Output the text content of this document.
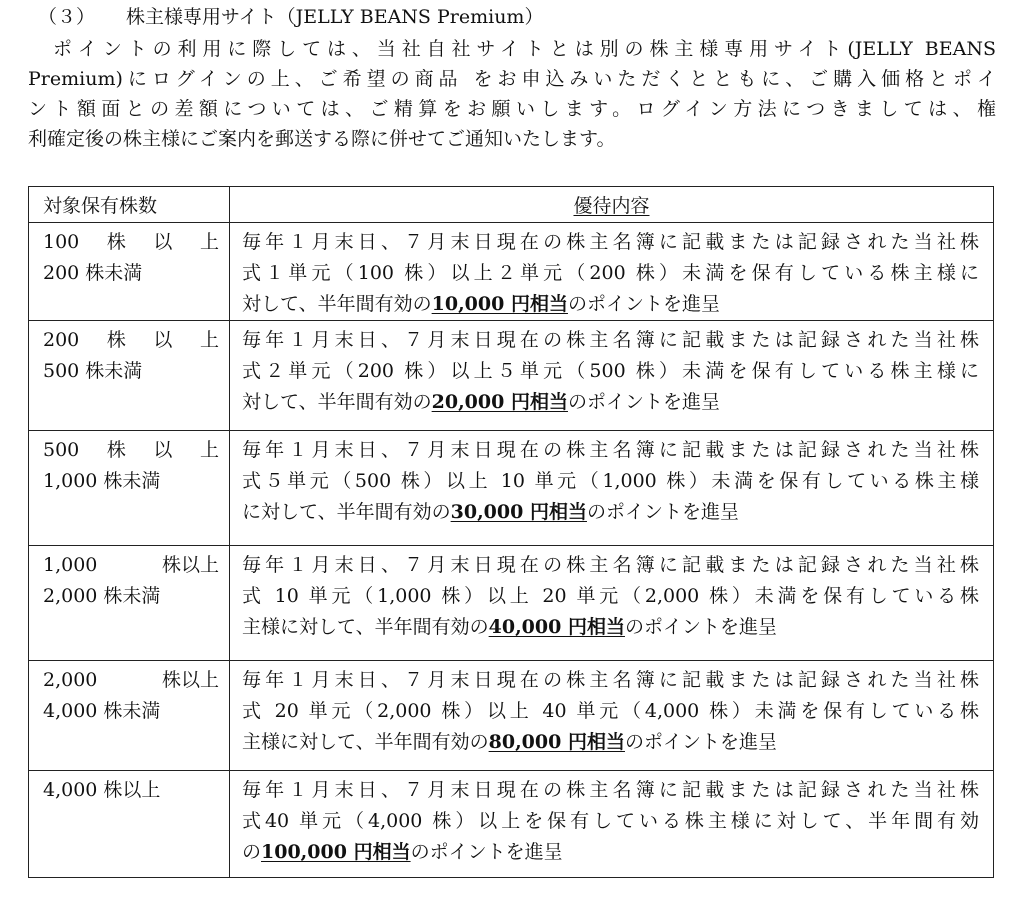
（３） 株主様専用サイト（JELLY BEANS Premium）
ポイントの利用に際しては、当社自社サイトとは別の株主様専用サイト(JELLY BEANS
Premium)にログインの上、ご希望の商品 をお申込みいただくとともに、ご購入価格とポイ
ント額面との差額については、ご精算をお願いします。ログイン方法につきましては、権
利確定後の株主様にご案内を郵送する際に併せてご通知いたします。
対象保有株数	優待内容

100 株 以 上
200 株未満	毎年１月末日、７月末日現在の株主名簿に記載または記録された当社株
式１単元（100 株）以上２単元（200 株）未満を保有している株主様に
対して、半年間有効の10,000 円相当のポイントを進呈

200 株 以 上
500 株未満	毎年１月末日、７月末日現在の株主名簿に記載または記録された当社株
式２単元（200 株）以上５単元（500 株）未満を保有している株主様に
対して、半年間有効の20,000 円相当のポイントを進呈

500 株 以 上
1,000 株未満	毎年１月末日、７月末日現在の株主名簿に記載または記録された当社株
式５単元（500 株）以上 10 単元（1,000 株）未満を保有している株主様
に対して、半年間有効の30,000 円相当のポイントを進呈

1,000 株以上
2,000 株未満	毎年１月末日、７月末日現在の株主名簿に記載または記録された当社株
式 10 単元（1,000 株）以上 20 単元（2,000 株）未満を保有している株
主様に対して、半年間有効の40,000 円相当のポイントを進呈

2,000 株以上
4,000 株未満	毎年１月末日、７月末日現在の株主名簿に記載または記録された当社株
式 20 単元（2,000 株）以上 40 単元（4,000 株）未満を保有している株
主様に対して、半年間有効の80,000 円相当のポイントを進呈

4,000 株以上	毎年１月末日、７月末日現在の株主名簿に記載または記録された当社株
式40 単元（4,000 株）以上を保有している株主様に対して、半年間有効
の100,000 円相当のポイントを進呈
